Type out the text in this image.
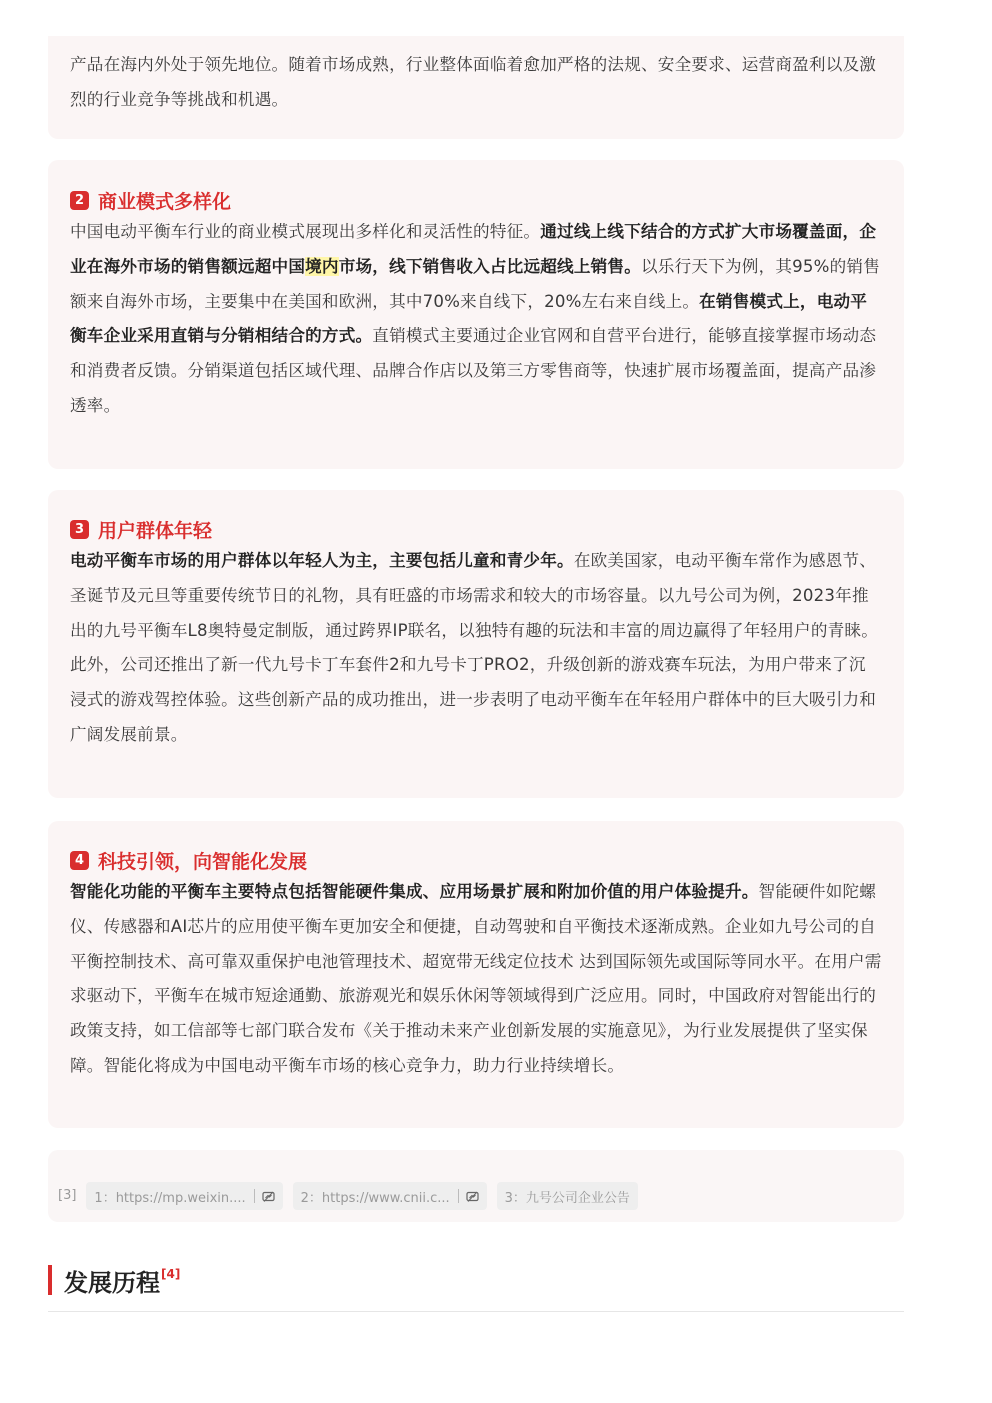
产品在海内外处于领先地位。随着市场成熟，行业整体面临着愈加严格的法规、安全要求、运营商盈利以及激烈的行业竞争等挑战和机遇。

2 商业模式多样化

中国电动平衡车行业的商业模式展现出多样化和灵活性的特征。通过线上线下结合的方式扩大市场覆盖面，企业在海外市场的销售额远超中国境内市场，线下销售收入占比远超线上销售。以乐行天下为例，其95%的销售额来自海外市场，主要集中在美国和欧洲，其中70%来自线下，20%左右来自线上。在销售模式上，电动平衡车企业采用直销与分销相结合的方式。直销模式主要通过企业官网和自营平台进行，能够直接掌握市场动态和消费者反馈。分销渠道包括区域代理、品牌合作店以及第三方零售商等，快速扩展市场覆盖面，提高产品渗透率。

3 用户群体年轻

电动平衡车市场的用户群体以年轻人为主，主要包括儿童和青少年。在欧美国家，电动平衡车常作为感恩节、圣诞节及元旦等重要传统节日的礼物，具有旺盛的市场需求和较大的市场容量。以九号公司为例，2023年推出的九号平衡车L8奥特曼定制版，通过跨界IP联名，以独特有趣的玩法和丰富的周边赢得了年轻用户的青睐。此外，公司还推出了新一代九号卡丁车套件2和九号卡丁PRO2，升级创新的游戏赛车玩法，为用户带来了沉浸式的游戏驾控体验。这些创新产品的成功推出，进一步表明了电动平衡车在年轻用户群体中的巨大吸引力和广阔发展前景。

4 科技引领，向智能化发展

智能化功能的平衡车主要特点包括智能硬件集成、应用场景扩展和附加价值的用户体验提升。智能硬件如陀螺仪、传感器和AI芯片的应用使平衡车更加安全和便捷，自动驾驶和自平衡技术逐渐成熟。企业如九号公司的自平衡控制技术、高可靠双重保护电池管理技术、超宽带无线定位技术 达到国际领先或国际等同水平。在用户需求驱动下，平衡车在城市短途通勤、旅游观光和娱乐休闲等领域得到广泛应用。同时，中国政府对智能出行的政策支持，如工信部等七部门联合发布《关于推动未来产业创新发展的实施意见》，为行业发展提供了坚实保障。智能化将成为中国电动平衡车市场的核心竞争力，助力行业持续增长。

[3] 1：https://mp.weixin....	2：https://www.cnii.c...	3：九号公司企业公告
发展历程 [4]
